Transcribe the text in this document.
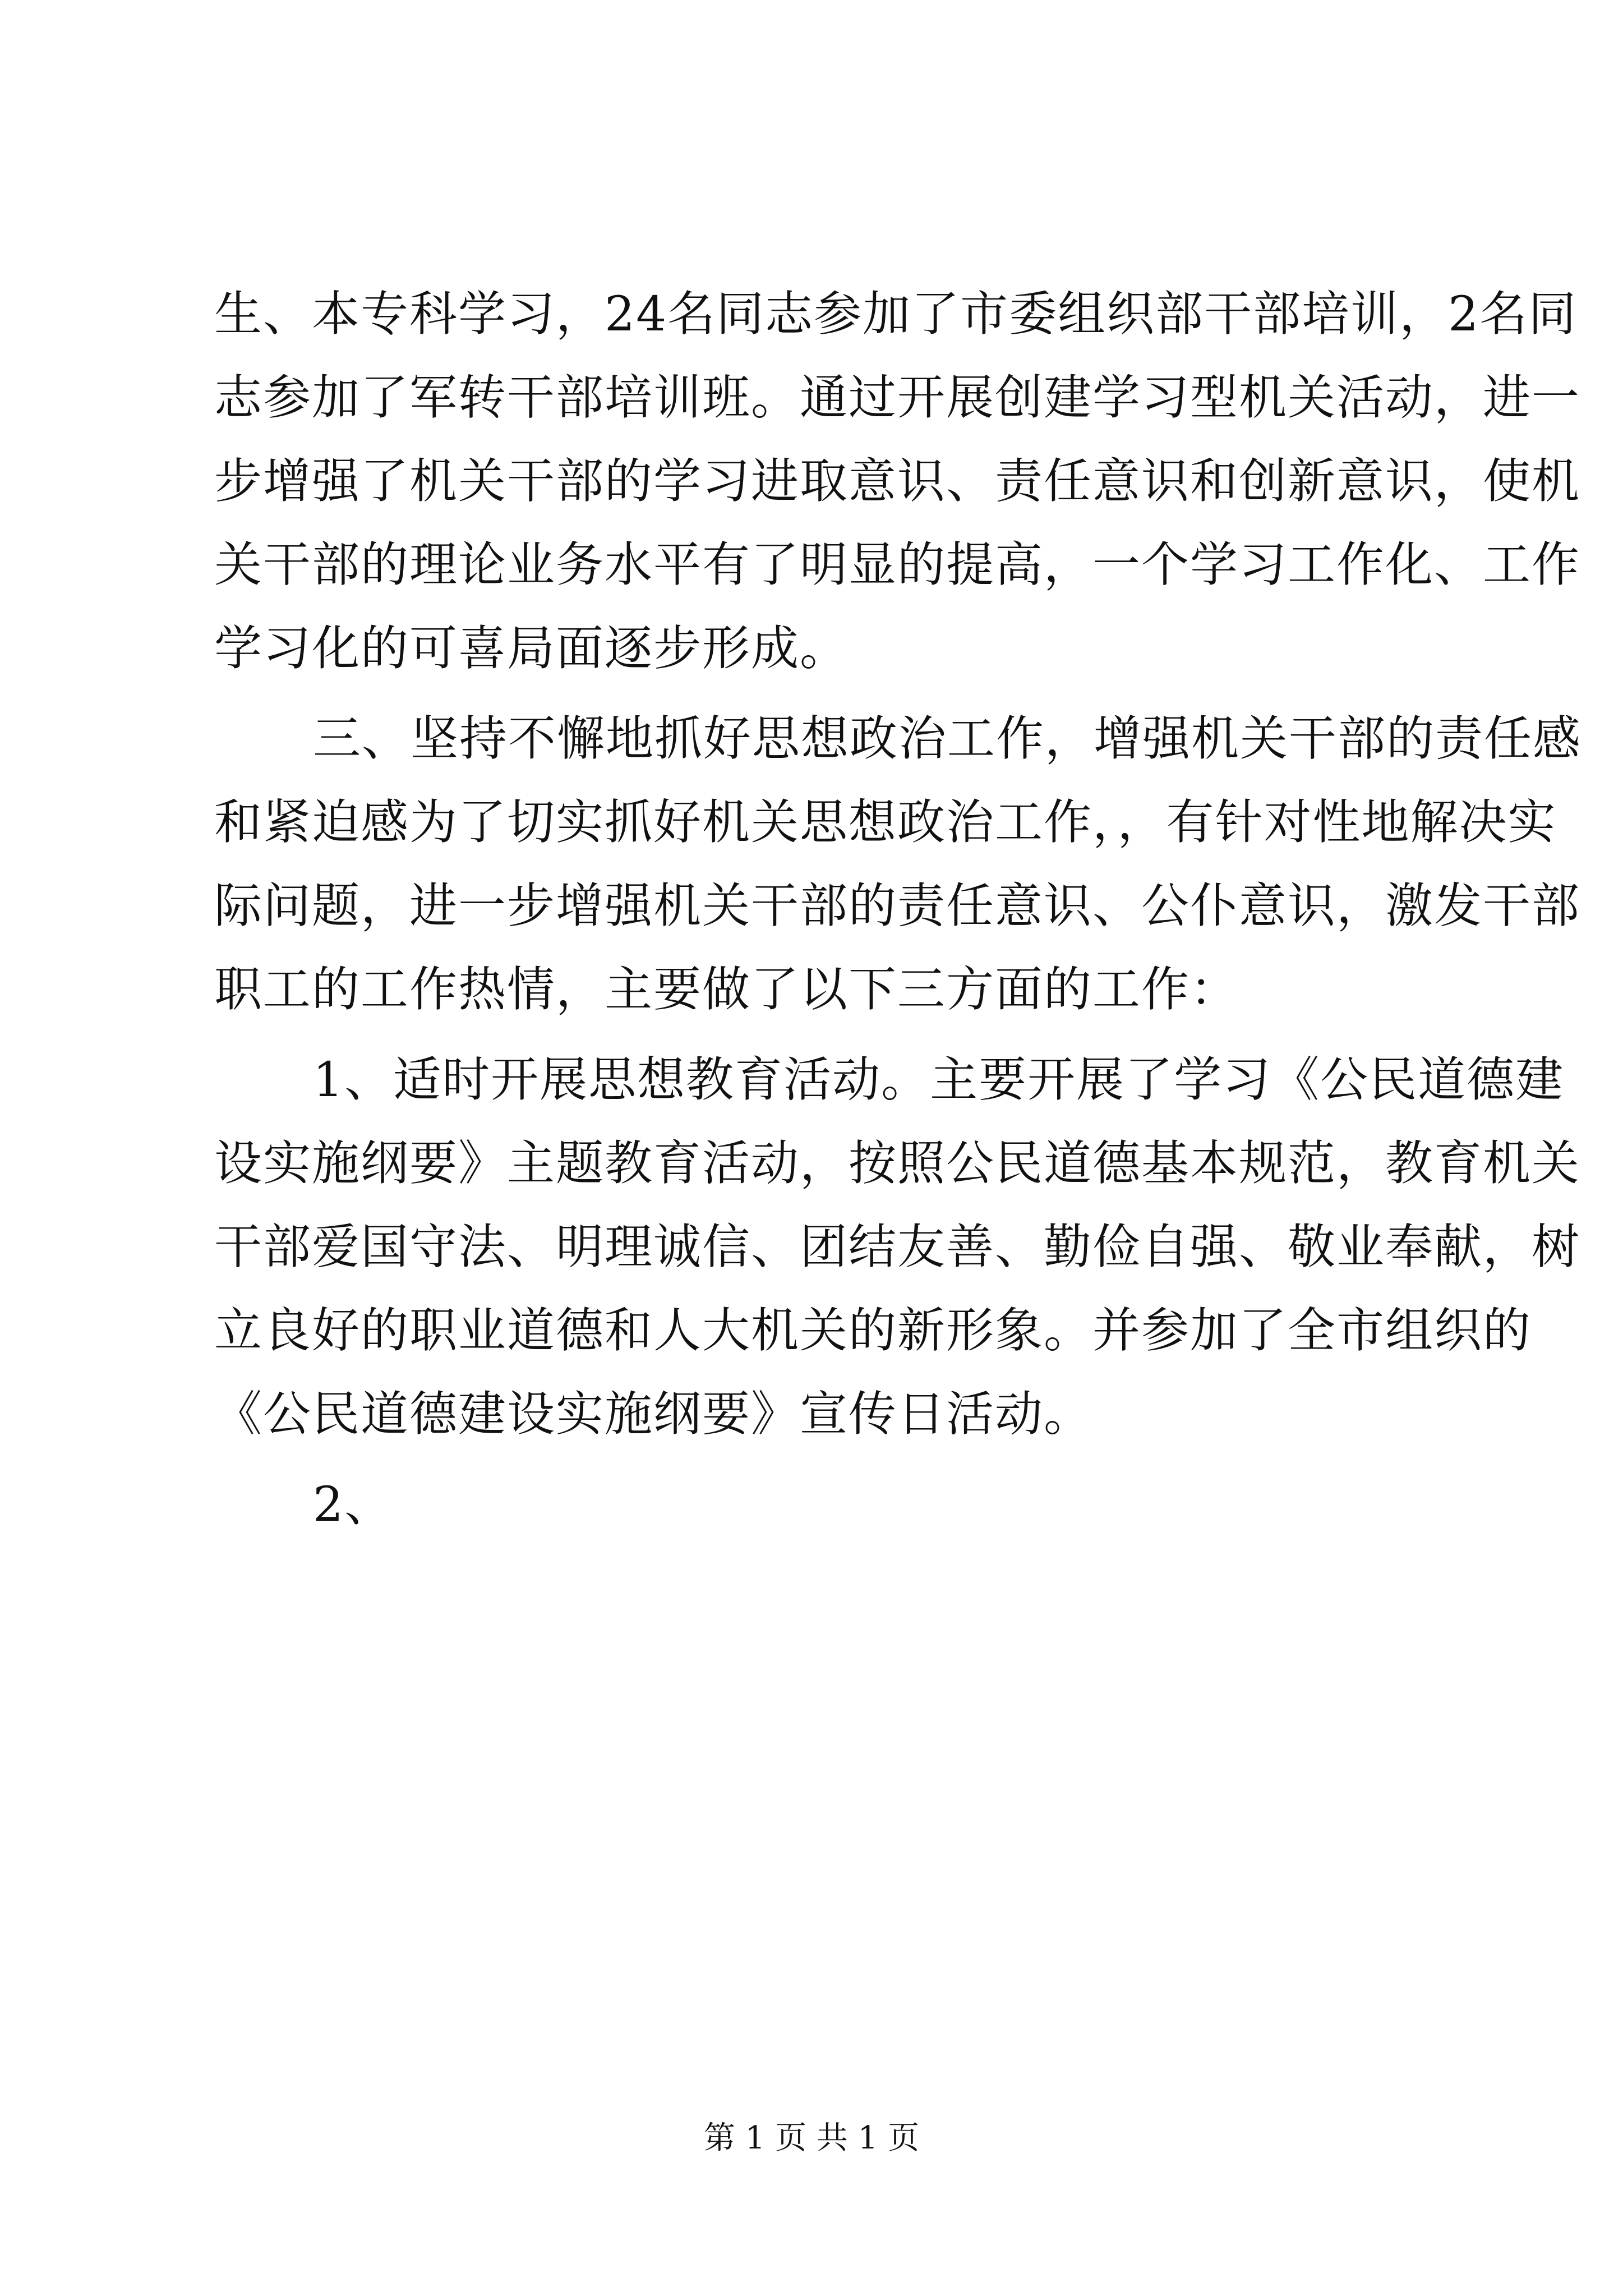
生、本专科学习，24名同志参加了市委组织部干部培训，2名同
志参加了军转干部培训班。通过开展创建学习型机关活动，进一
步增强了机关干部的学习进取意识、责任意识和创新意识，使机
关干部的理论业务水平有了明显的提高，一个学习工作化、工作
学习化的可喜局面逐步形成。

三、坚持不懈地抓好思想政治工作，增强机关干部的责任感
和紧迫感为了切实抓好机关思想政治工作，，有针对性地解决实
际问题，进一步增强机关干部的责任意识、公仆意识，激发干部
职工的工作热情，主要做了以下三方面的工作：

1、适时开展思想教育活动。主要开展了学习《公民道德建
设实施纲要》主题教育活动，按照公民道德基本规范，教育机关
干部爱国守法、明理诚信、团结友善、勤俭自强、敬业奉献，树
立良好的职业道德和人大机关的新形象。并参加了全市组织的
《公民道德建设实施纲要》宣传日活动。

2、

第 1 页 共 1 页
